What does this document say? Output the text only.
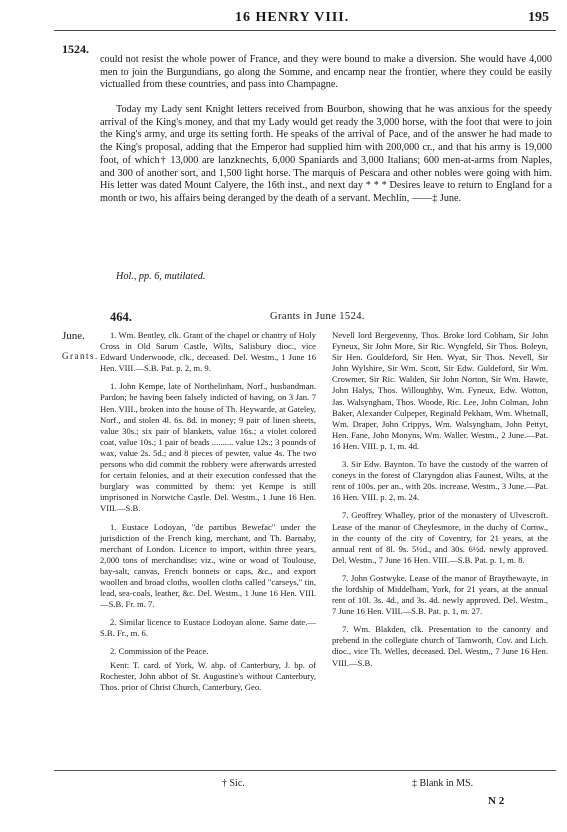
16 HENRY VIII.	195
1524.
could not resist the whole power of France, and they were bound to make a diversion. She would have 4,000 men to join the Burgundians, go along the Somme, and encamp near the frontier, where they could be easily victualled from these countries, and pass into Champagne.
Today my Lady sent Knight letters received from Bourbon, showing that he was anxious for the speedy arrival of the King's money, and that my Lady would get ready the 3,000 horse, with the foot that were to join the King's army, and urge its setting forth. He speaks of the arrival of Pace, and of the answer he had made to the King's proposal, adding that the Emperor had supplied him with 200,000 cr., and that his army is 19,000 foot, of which† 13,000 are lanzknechts, 6,000 Spaniards and 3,000 Italians; 600 men-at-arms from Naples, and 300 of another sort, and 1,500 light horse. The marquis of Pescara and other nobles were going with him. His letter was dated Mount Calyere, the 16th inst., and next day * * * Desires leave to return to England for a month or two, his affairs being deranged by the death of a servant. Mechlin, ——‡ June.
Hol., pp. 6, mutilated.
464.	Grants in June 1524.
June.
Grants.

1. Wm. Bentley, clk. Grant of the chapel or chantry of Holy Cross in Old Sarum Castle, Wilts, Salisbury dioc., vice Edward Underwoode, clk., deceased. Del. Westm., 1 June 16 Hen. VIII.—S.B. Pat. p. 2, m. 9.

1. John Kempe, late of Northelinham, Norf., husbandman. Pardon; he having been falsely indicted of having, on 3 Jan. 7 Hen. VIII., broken into the house of Th. Heywarde, at Gateley, Norf., and stolen 4l. 6s. 8d. in money; 9 pair of linen sheets, value 30s.; six pair of blankets, value 16s.; a violet colored coat, value 10s.; 1 pair of beads .......... value 12s.; 3 pounds of wax, value 2s. 5d.; and 8 pieces of pewter, value 4s. The two persons who did commit the robbery were afterwards arrested for certain felonies, and at their execution confessed that the burglary was committed by them: yet Kempe is still imprisoned in Norwiche Castle. Del. Westm., 1 June 16 Hen. VIII.—S.B.

1. Eustace Lodoyan, "de partibus Bewefac" under the jurisdiction of the French king, merchant, and Th. Barnaby, merchant of London. Licence to import, within three years, 2,000 tons of merchandise; viz., wine or woad of Toulouse, bay-salt, canvas, French bonnets or caps, &c., and export woollen and broad cloths, woollen cloths called "carseys," tin, lead, sea-coals, leather, &c. Del. Westm., 1 June 16 Hen. VIII.—S.B. Fr. m. 7.

2. Similar licence to Eustace Lodoyan alone. Same date.—S.B. Fr., m. 6.

2. Commission of the Peace.

Kent: T. card. of York, W. abp. of Canterbury, J. bp. of Rochester, John abbot of St. Augustine's without Canterbury, Thos. prior of Christ Church, Canterbury, Geo.

Nevell lord Bergevenny, Thos. Broke lord Cobham, Sir John Fyneux, Sir John More, Sir Ric. Wyngfeld, Sir Thos. Boleyn, Sir Hen. Gouldeford, Sir Hen. Wyat, Sir Thos. Nevell, Sir John Wylshire, Sir Wm. Scott, Sir Edw. Guldeford, Sir Wm. Crowmer, Sir Ric. Walden, Sir John Norton, Sir Wm. Hawte, John Halys, Thos. Willoughby, Wm. Fyneux, Edw. Wotton, Jas. Walsyngham, Thos. Woode, Ric. Lee, John Colman, John Baker, Alexander Culpeper, Reginald Pekham, Wm. Whetnall, Wm. Draper, John Crippys, Wm. Walsyngham, John Pettyt, Hen. Fane, John Monyns, Wm. Waller. Westm., 2 June.—Pat. 16 Hen. VIII. p. 1, m. 4d.

3. Sir Edw. Baynton. To have the custody of the warren of coneys in the forest of Claryngdon alias Faunest, Wilts, at the rent of 100s. per an., with 20s. increase. Westm., 3 June.—Pat. 16 Hen. VIII. p. 2, m. 24.

7. Geoffrey Whalley, prior of the monastery of Ulvescroft. Lease of the manor of Cheylesmore, in the duchy of Cornw., in the county of the city of Coventry, for 21 years, at the annual rent of 8l. 9s. 5½d., and 30s. 6½d. newly approved. Del. Westm., 7 June 16 Hen. VIII.—S.B. Pat. p. 1, m. 8.

7. John Gostwyke. Lease of the manor of Braythewayte, in the lordship of Middelham, York, for 21 years, at the annual rent of 10l. 3s. 4d., and 3s. 4d. newly approved. Del. Westm., 7 June 16 Hen. VIII.—S.B. Pat. p. 1, m. 27.

7. Wm. Blakden, clk. Presentation to the canonry and prebend in the collegiate church of Tamworth, Cov. and Lich. dioc., vice Th. Welles, deceased. Del. Westm., 7 June 16 Hen. VIII.—S.B.

† Sic.	‡ Blank in MS.
N 2
